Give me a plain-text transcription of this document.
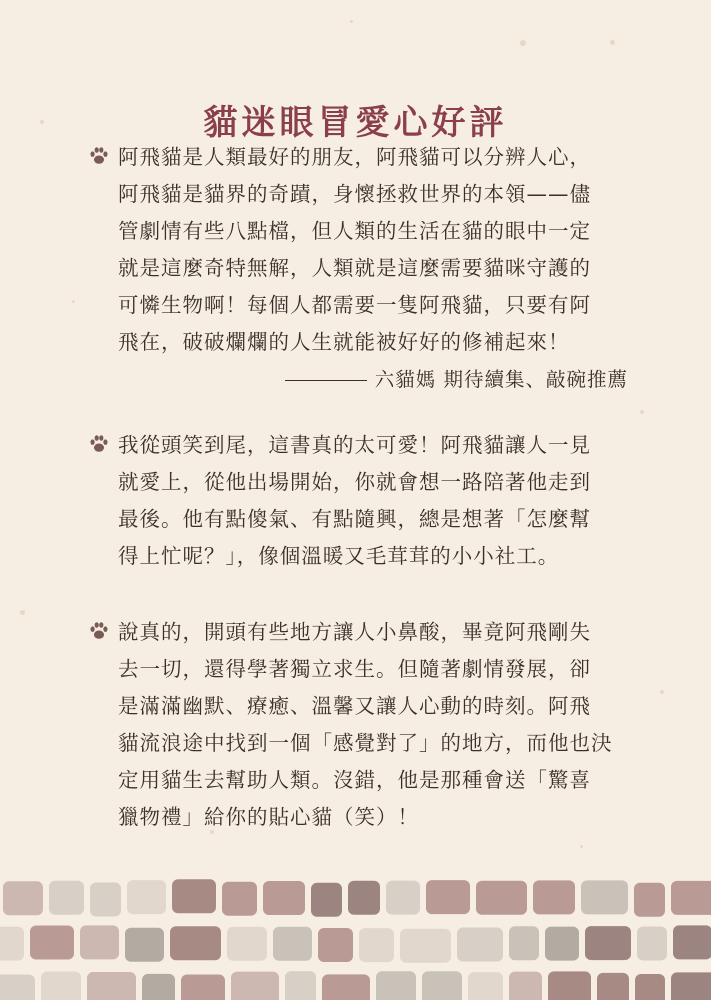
貓迷眼冒愛心好評
阿飛貓是人類最好的朋友，阿飛貓可以分辨人心，
阿飛貓是貓界的奇蹟，身懷拯救世界的本領——儘
管劇情有些八點檔，但人類的生活在貓的眼中一定
就是這麼奇特無解，人類就是這麼需要貓咪守護的
可憐生物啊！每個人都需要一隻阿飛貓，只要有阿
飛在，破破爛爛的人生就能被好好的修補起來！
六貓媽 期待續集、敲碗推薦
我從頭笑到尾，這書真的太可愛！阿飛貓讓人一見
就愛上，從他出場開始，你就會想一路陪著他走到
最後。他有點傻氣、有點隨興，總是想著「怎麼幫
得上忙呢？」，像個溫暖又毛茸茸的小小社工。
說真的，開頭有些地方讓人小鼻酸，畢竟阿飛剛失
去一切，還得學著獨立求生。但隨著劇情發展，卻
是滿滿幽默、療癒、溫馨又讓人心動的時刻。阿飛
貓流浪途中找到一個「感覺對了」的地方，而他也決
定用貓生去幫助人類。沒錯，他是那種會送「驚喜
獵物禮」給你的貼心貓（笑）！
